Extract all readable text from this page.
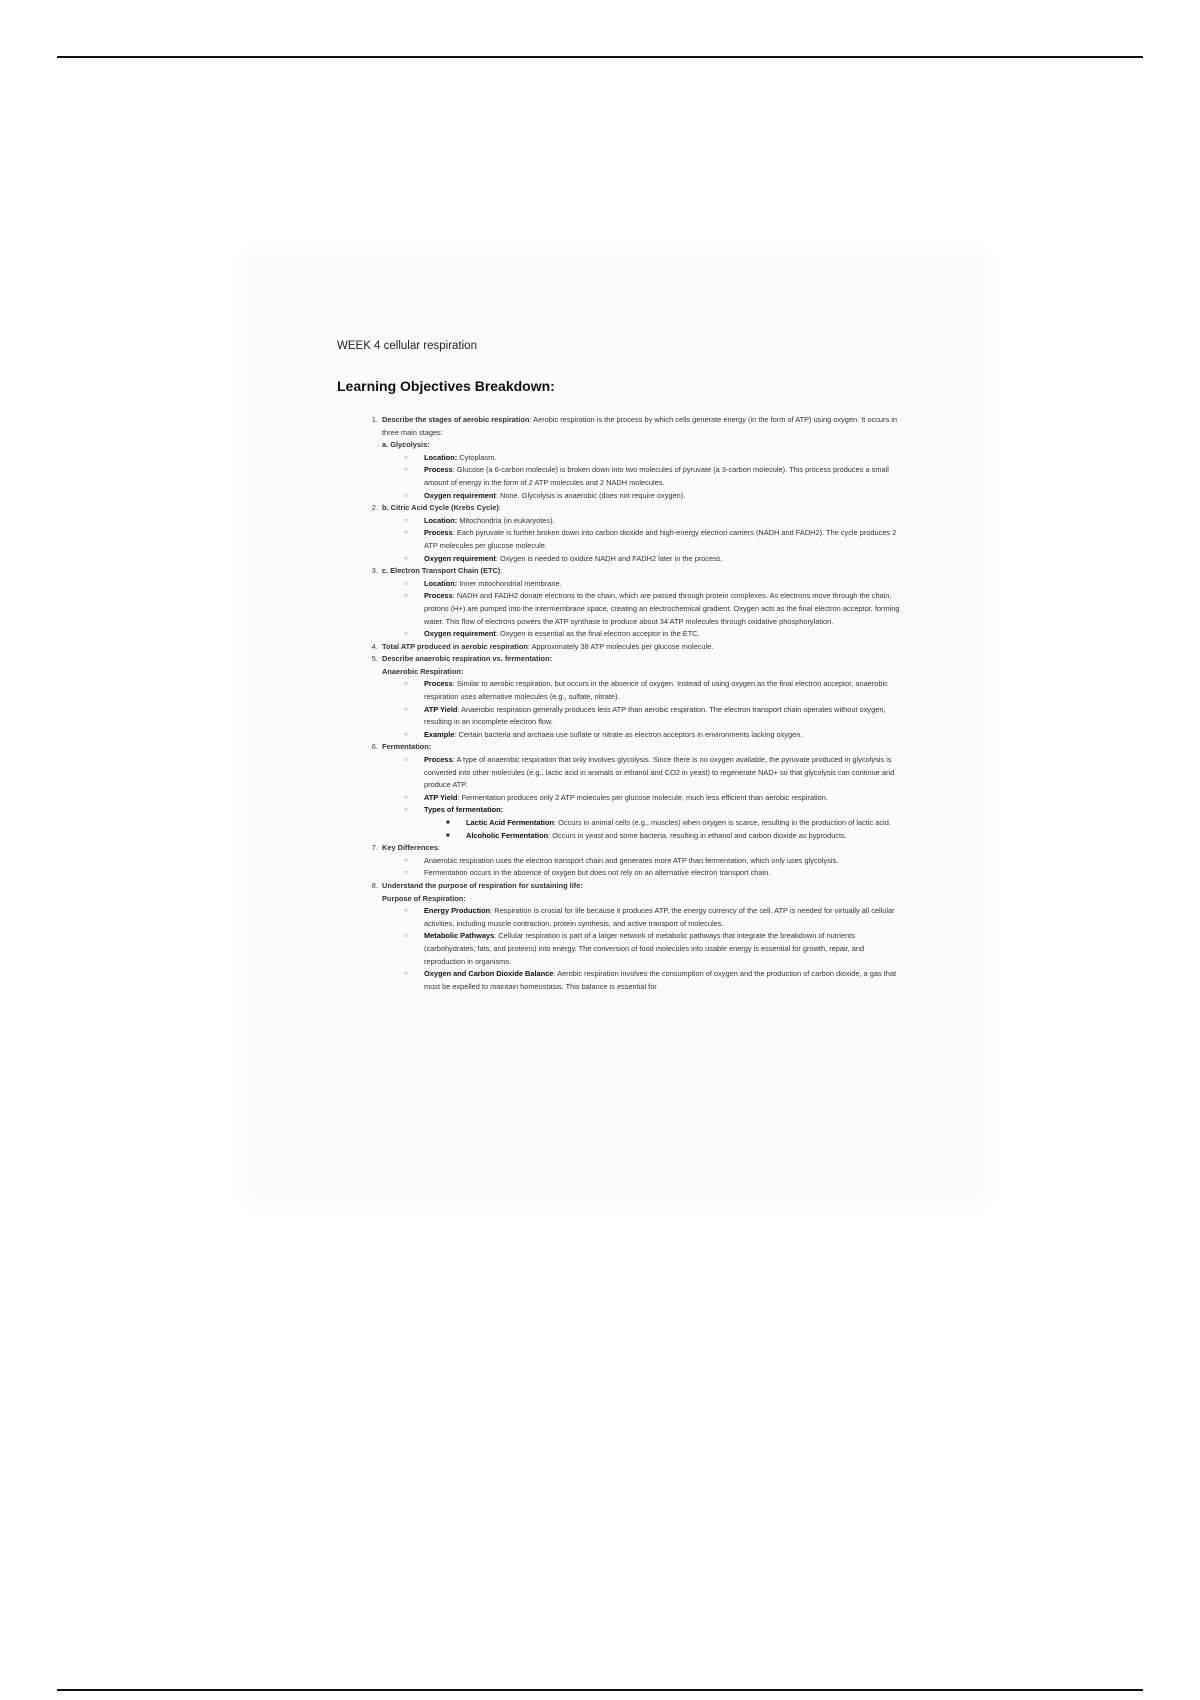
WEEK 4 cellular respiration
Learning Objectives Breakdown:
1. Describe the stages of aerobic respiration: Aerobic respiration is the process by which cells generate energy (in the form of ATP) using oxygen. It occurs in three main stages:
a. Glycolysis:
○ Location: Cytoplasm.
○ Process: Glucose (a 6-carbon molecule) is broken down into two molecules of pyruvate (a 3-carbon molecule). This process produces a small amount of energy in the form of 2 ATP molecules and 2 NADH molecules.
○ Oxygen requirement: None. Glycolysis is anaerobic (does not require oxygen).
2. b. Citric Acid Cycle (Krebs Cycle):
○ Location: Mitochondria (in eukaryotes).
○ Process: Each pyruvate is further broken down into carbon dioxide and high-energy electron carriers (NADH and FADH2). The cycle produces 2 ATP molecules per glucose molecule.
○ Oxygen requirement: Oxygen is needed to oxidize NADH and FADH2 later in the process.
3. c. Electron Transport Chain (ETC):
○ Location: Inner mitochondrial membrane.
○ Process: NADH and FADH2 donate electrons to the chain, which are passed through protein complexes. As electrons move through the chain, protons (H+) are pumped into the intermembrane space, creating an electrochemical gradient. Oxygen acts as the final electron acceptor, forming water. This flow of electrons powers the ATP synthase to produce about 34 ATP molecules through oxidative phosphorylation.
○ Oxygen requirement: Oxygen is essential as the final electron acceptor in the ETC.
4. Total ATP produced in aerobic respiration: Approximately 38 ATP molecules per glucose molecule.
5. Describe anaerobic respiration vs. fermentation:
Anaerobic Respiration:
○ Process: Similar to aerobic respiration, but occurs in the absence of oxygen. Instead of using oxygen as the final electron acceptor, anaerobic respiration uses alternative molecules (e.g., sulfate, nitrate).
○ ATP Yield: Anaerobic respiration generally produces less ATP than aerobic respiration. The electron transport chain operates without oxygen, resulting in an incomplete electron flow.
○ Example: Certain bacteria and archaea use sulfate or nitrate as electron acceptors in environments lacking oxygen.
6. Fermentation:
○ Process: A type of anaerobic respiration that only involves glycolysis. Since there is no oxygen available, the pyruvate produced in glycolysis is converted into other molecules (e.g., lactic acid in animals or ethanol and CO2 in yeast) to regenerate NAD+ so that glycolysis can continue and produce ATP.
○ ATP Yield: Fermentation produces only 2 ATP molecules per glucose molecule, much less efficient than aerobic respiration.
○ Types of fermentation:
■ Lactic Acid Fermentation: Occurs in animal cells (e.g., muscles) when oxygen is scarce, resulting in the production of lactic acid.
■ Alcoholic Fermentation: Occurs in yeast and some bacteria, resulting in ethanol and carbon dioxide as byproducts.
7. Key Differences:
○ Anaerobic respiration uses the electron transport chain and generates more ATP than fermentation, which only uses glycolysis.
○ Fermentation occurs in the absence of oxygen but does not rely on an alternative electron transport chain.
8. Understand the purpose of respiration for sustaining life:
Purpose of Respiration:
○ Energy Production: Respiration is crucial for life because it produces ATP, the energy currency of the cell. ATP is needed for virtually all cellular activities, including muscle contraction, protein synthesis, and active transport of molecules.
○ Metabolic Pathways: Cellular respiration is part of a larger network of metabolic pathways that integrate the breakdown of nutrients (carbohydrates, fats, and proteins) into energy. The conversion of food molecules into usable energy is essential for growth, repair, and reproduction in organisms.
○ Oxygen and Carbon Dioxide Balance: Aerobic respiration involves the consumption of oxygen and the production of carbon dioxide, a gas that must be expelled to maintain homeostasis. This balance is essential for
